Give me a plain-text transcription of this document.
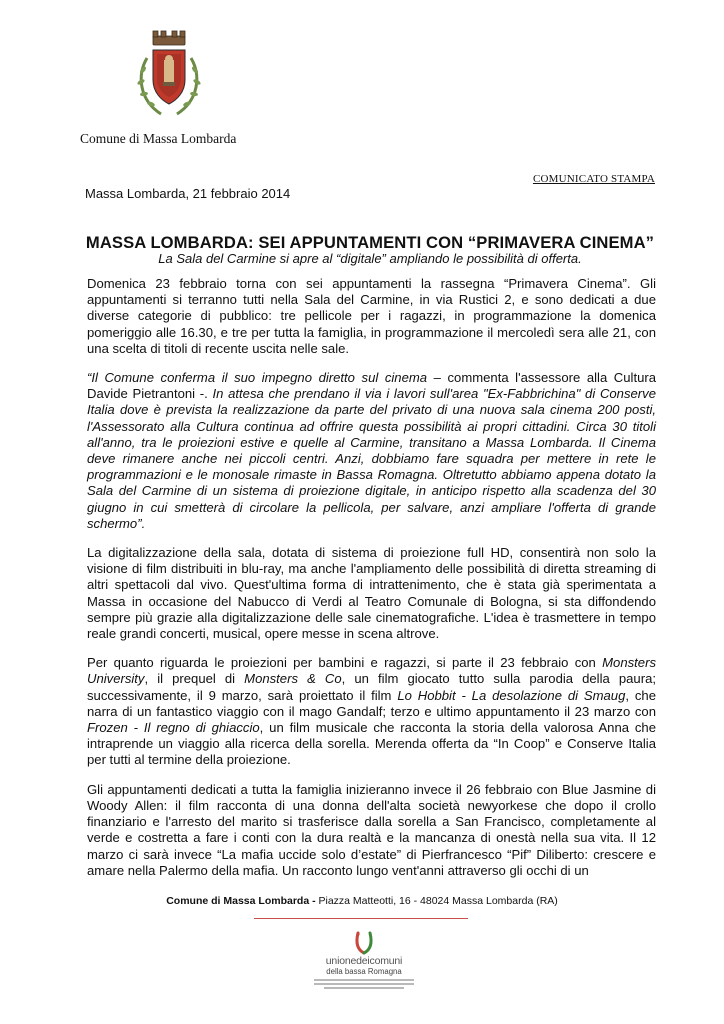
Comune di Massa Lombarda
COMUNICATO STAMPA
Massa Lombarda, 21 febbraio 2014
MASSA LOMBARDA: SEI APPUNTAMENTI CON “PRIMAVERA CINEMA”
La Sala del Carmine si apre al “digitale” ampliando le possibilità di offerta.

Domenica 23 febbraio torna con sei appuntamenti la rassegna “Primavera Cinema”. Gli appuntamenti si terranno tutti nella Sala del Carmine, in via Rustici 2, e sono dedicati a due diverse categorie di pubblico: tre pellicole per i ragazzi, in programmazione la domenica pomeriggio alle 16.30, e tre per tutta la famiglia, in programmazione il mercoledì sera alle 21, con una scelta di titoli di recente uscita nelle sale.

“Il Comune conferma il suo impegno diretto sul cinema – commenta l'assessore alla Cultura Davide Pietrantoni -. In attesa che prendano il via i lavori sull'area "Ex-Fabbrichina" di Conserve Italia dove è prevista la realizzazione da parte del privato di una nuova sala cinema 200 posti, l'Assessorato alla Cultura continua ad offrire questa possibilità ai propri cittadini. Circa 30 titoli all'anno, tra le proiezioni estive e quelle al Carmine, transitano a Massa Lombarda. Il Cinema deve rimanere anche nei piccoli centri. Anzi, dobbiamo fare squadra per mettere in rete le programmazioni e le monosale rimaste in Bassa Romagna. Oltretutto abbiamo appena dotato la Sala del Carmine di un sistema di proiezione digitale, in anticipo rispetto alla scadenza del 30 giugno in cui smetterà di circolare la pellicola, per salvare, anzi ampliare l'offerta di grande schermo”.

La digitalizzazione della sala, dotata di sistema di proiezione full HD, consentirà non solo la visione di film distribuiti in blu-ray, ma anche l'ampliamento delle possibilità di diretta streaming di altri spettacoli dal vivo. Quest'ultima forma di intrattenimento, che è stata già sperimentata a Massa in occasione del Nabucco di Verdi al Teatro Comunale di Bologna, si sta diffondendo sempre più grazie alla digitalizzazione delle sale cinematografiche. L'idea è trasmettere in tempo reale grandi concerti, musical, opere messe in scena altrove.

Per quanto riguarda le proiezioni per bambini e ragazzi, si parte il 23 febbraio con Monsters University, il prequel di Monsters & Co, un film giocato tutto sulla parodia della paura; successivamente, il 9 marzo, sarà proiettato il film Lo Hobbit - La desolazione di Smaug, che narra di un fantastico viaggio con il mago Gandalf; terzo e ultimo appuntamento il 23 marzo con Frozen - Il regno di ghiaccio, un film musicale che racconta la storia della valorosa Anna che intraprende un viaggio alla ricerca della sorella. Merenda offerta da “In Coop” e Conserve Italia per tutti al termine della proiezione.

Gli appuntamenti dedicati a tutta la famiglia inizieranno invece il 26 febbraio con Blue Jasmine di Woody Allen: il film racconta di una donna dell'alta società newyorkese che dopo il crollo finanziario e l'arresto del marito si trasferisce dalla sorella a San Francisco, completamente al verde e costretta a fare i conti con la dura realtà e la mancanza di onestà nella sua vita. Il 12 marzo ci sarà invece “La mafia uccide solo d’estate” di Pierfrancesco “Pif” Diliberto: crescere e amare nella Palermo della mafia. Un racconto lungo vent'anni attraverso gli occhi di un

Comune di Massa Lombarda - Piazza Matteotti, 16 - 48024 Massa Lombarda (RA)
unionedeicomuni
della bassa Romagna
